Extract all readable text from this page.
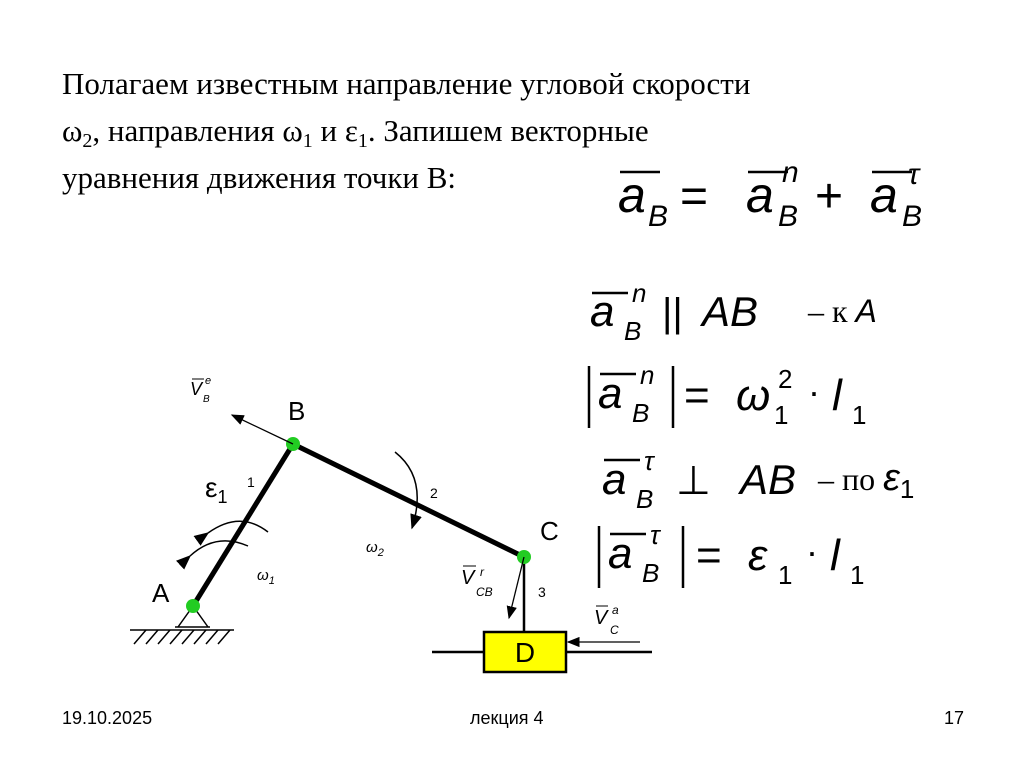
Полагаем известным направление угловой скорости
$\omega_2$, направления $\omega_1$ и $\varepsilon_1$. Запишем векторные
уравнения движения точки B:	a B = a n
B + a τ
B
a n
B || AB – к A
a n
B = ω 2
1
· l 1
a τ
B ⊥ AB – по $\varepsilon_1$
a τ
B = ε 1
· l 1
D
A
B
C
1
2
3
$\varepsilon_1$
$\omega_1$
$\omega_2$
V e
B
V r
CB
V a
C
19.10.2025	лекция 4	17
